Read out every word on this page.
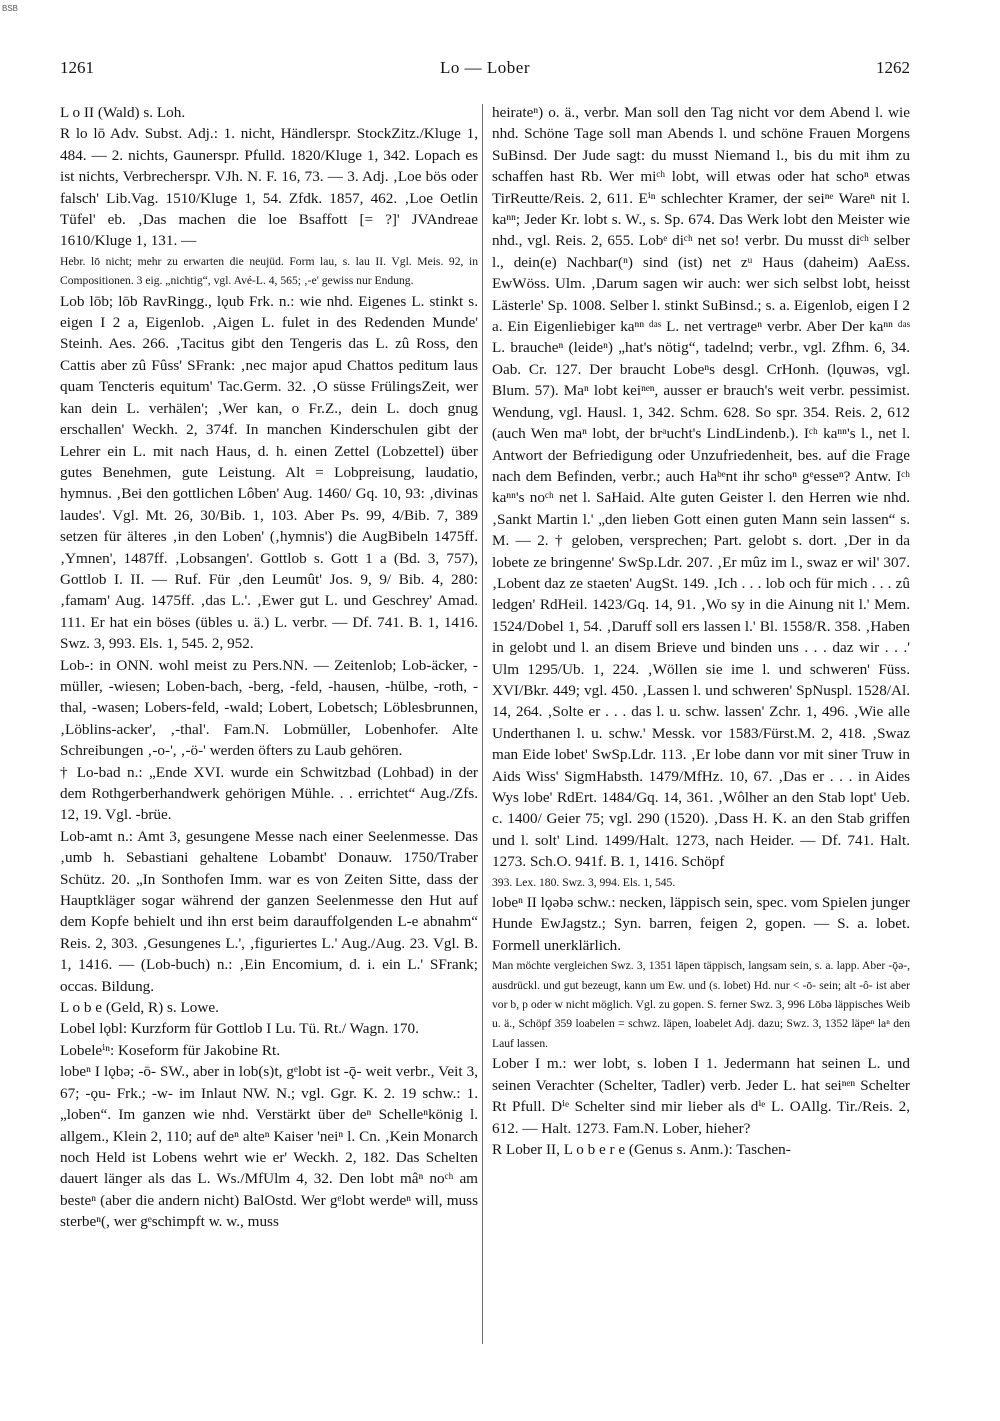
BSB
1261	Lo — Lober	1262

L o II (Wald) s. Loh.

R lo lō Adv. Subst. Adj.: 1. nicht, Händlerspr. StockZitz./Kluge 1, 484. — 2. nichts, Gaunerspr. Pfulld. 1820/Kluge 1, 342. Lopach es ist nichts, Verbrecherspr. VJh. N. F. 16, 73. — 3. Adj. ‚Loe bös oder falsch' Lib.Vag. 1510/Kluge 1, 54. Zfdk. 1857, 462. ‚Loe Oetlin Tüfel' eb. ‚Das machen die loe Bsaffott [= ?]' JVAndreae 1610/Kluge 1, 131. —

Hebr. lō nicht; mehr zu erwarten die neujüd. Form lau, s. lau II. Vgl. Meis. 92, in Compositionen. 3 eig. „nichtig“, vgl. Avé-L. 4, 565; ‚-e' gewiss nur Endung.

Lob lōb; lōb RavRingg., lǫub Frk. n.: wie nhd. Eigenes L. stinkt s. eigen I 2 a, Eigenlob. ‚Aigen L. fulet in des Redenden Munde' Steinh. Aes. 266. ‚Tacitus gibt den Tengeris das L. zû Ross, den Cattis aber zû Fûss' SFrank: ‚nec major apud Chattos peditum laus quam Tencteris equitum' Tac.Germ. 32. ‚O süsse FrülingsZeit, wer kan dein L. verhälen'; ‚Wer kan, o Fr.Z., dein L. doch gnug erschallen' Weckh. 2, 374f. In manchen Kinderschulen gibt der Lehrer ein L. mit nach Haus, d. h. einen Zettel (Lobzettel) über gutes Benehmen, gute Leistung. Alt = Lobpreisung, laudatio, hymnus. ‚Bei den gottlichen Lôben' Aug. 1460/ Gq. 10, 93: ‚divinas laudes'. Vgl. Mt. 26, 30/Bib. 1, 103. Aber Ps. 99, 4/Bib. 7, 389 setzen für älteres ‚in den Loben' (‚hymnis') die AugBibeln 1475ff. ‚Ymnen', 1487ff. ‚Lobsangen'. Gottlob s. Gott 1 a (Bd. 3, 757), Gottlob I. II. — Ruf. Für ‚den Leumût' Jos. 9, 9/ Bib. 4, 280: ‚famam' Aug. 1475ff. ‚das L.'. ‚Ewer gut L. und Geschrey' Amad. 111. Er hat ein böses (übles u. ä.) L. verbr. — Df. 741. B. 1, 1416. Swz. 3, 993. Els. 1, 545. 2, 952.

Lob-: in ONN. wohl meist zu Pers.NN. — Zeitenlob; Lob-äcker, -müller, -wiesen; Loben-bach, -berg, -feld, -hausen, -hülbe, -roth, -thal, -wasen; Lobers-feld, -wald; Lobert, Lobetsch; Löblesbrunnen, ‚Löblins-acker', ‚-thal'. Fam.N. Lobmüller, Lobenhofer. Alte Schreibungen ‚-o-', ‚-ö-' werden öfters zu Laub gehören.

† Lo-bad n.: „Ende XVI. wurde ein Schwitzbad (Lohbad) in der dem Rothgerberhandwerk gehörigen Mühle. . . errichtet“ Aug./Zfs. 12, 19. Vgl. -brüe.

Lob-amt n.: Amt 3, gesungene Messe nach einer Seelenmesse. Das ‚umb h. Sebastiani gehaltene Lobambt' Donauw. 1750/Traber Schütz. 20. „In Sonthofen Imm. war es von Zeiten Sitte, dass der Hauptkläger sogar während der ganzen Seelenmesse den Hut auf dem Kopfe behielt und ihn erst beim darauffolgenden L-e abnahm“ Reis. 2, 303. ‚Gesungenes L.', ‚figuriertes L.' Aug./Aug. 23. Vgl. B. 1, 1416. — (Lob-buch) n.: ‚Ein Encomium, d. i. ein L.' SFrank; occas. Bildung.

L o b e (Geld, R) s. Lowe.

Lobel lǫbl: Kurzform für Gottlob I Lu. Tü. Rt./ Wagn. 170.

Lobeleⁱⁿ: Koseform für Jakobine Rt.

lobeⁿ I lǫbə; -ō- SW., aber in lob(s)t, gᵉlobt ist -ǭ- weit verbr., Veit 3, 67; -ǫu- Frk.; -w- im Inlaut NW. N.; vgl. Ggr. K. 2. 19 schw.: 1. „loben“. Im ganzen wie nhd. Verstärkt über deⁿ Schelleⁿkönig l. allgem., Klein 2, 110; auf deⁿ alteⁿ Kaiser 'neiⁿ l. Cn. ‚Kein Monarch noch Held ist Lobens wehrt wie er' Weckh. 2, 182. Das Schelten dauert länger als das L. Ws./MfUlm 4, 32. Den lobt mâⁿ noᶜʰ am besteⁿ (aber die andern nicht) BalOstd. Wer gᵉlobt werdeⁿ will, muss sterbeⁿ(, wer gᵉschimpft w. w., muss

heirateⁿ) o. ä., verbr. Man soll den Tag nicht vor dem Abend l. wie nhd. Schöne Tage soll man Abends l. und schöne Frauen Morgens SuBinsd. Der Jude sagt: du musst Niemand l., bis du mit ihm zu schaffen hast Rb. Wer miᶜʰ lobt, will etwas oder hat schoⁿ etwas TirReutte/Reis. 2, 611. Eⁱⁿ schlechter Kramer, der seiⁿᵉ Wareⁿ nit l. kaⁿⁿ; Jeder Kr. lobt s. W., s. Sp. 674. Das Werk lobt den Meister wie nhd., vgl. Reis. 2, 655. Lobᵉ diᶜʰ net so! verbr. Du musst diᶜʰ selber l., dein(e) Nachbar(ⁿ) sind (ist) net zᵘ Haus (daheim) AaEss. EwWöss. Ulm. ‚Darum sagen wir auch: wer sich selbst lobt, heisst Lästerle' Sp. 1008. Selber l. stinkt SuBinsd.; s. a. Eigenlob, eigen I 2 a. Ein Eigenliebiger kaⁿⁿ ᵈᵃˢ L. net vertrageⁿ verbr. Aber Der kaⁿⁿ ᵈᵃˢ L. braucheⁿ (leideⁿ) „hat's nötig“, tadelnd; verbr., vgl. Zfhm. 6, 34. Oab. Cr. 127. Der braucht Lobeⁿs desgl. CrHonh. (lǫuwəs, vgl. Blum. 57). Maⁿ lobt keiⁿᵉⁿ, ausser er brauch's weit verbr. pessimist. Wendung, vgl. Hausl. 1, 342. Schm. 628. So spr. 354. Reis. 2, 612 (auch Wen maⁿ lobt, der brᵃucht's LindLindenb.). Iᶜʰ kaⁿⁿ's l., net l. Antwort der Befriedigung oder Unzufriedenheit, bes. auf die Frage nach dem Befinden, verbr.; auch Haᵇᵉnt ihr schoⁿ gᵉesseⁿ? Antw. Iᶜʰ kaⁿⁿ's noᶜʰ net l. SaHaid. Alte guten Geister l. den Herren wie nhd. ‚Sankt Martin l.' „den lieben Gott einen guten Mann sein lassen“ s. M. — 2. † geloben, versprechen; Part. gelobt s. dort. ‚Der in da lobete ze bringenne' SwSp.Ldr. 207. ‚Er mûz im l., swaz er wil' 307. ‚Lobent daz ze staeten' AugSt. 149. ‚Ich . . . lob och für mich . . . zû ledgen' RdHeil. 1423/Gq. 14, 91. ‚Wo sy in die Ainung nit l.' Mem. 1524/Dobel 1, 54. ‚Daruff soll ers lassen l.' Bl. 1558/R. 358. ‚Haben in gelobt und l. an disem Brieve und binden uns . . . daz wir . . .' Ulm 1295/Ub. 1, 224. ‚Wöllen sie ime l. und schweren' Füss. XVI/Bkr. 449; vgl. 450. ‚Lassen l. und schweren' SpNuspl. 1528/Al. 14, 264. ‚Solte er . . . das l. u. schw. lassen' Zchr. 1, 496. ‚Wie alle Underthanen l. u. schw.' Messk. vor 1583/Fürst.M. 2, 418. ‚Swaz man Eide lobet' SwSp.Ldr. 113. ‚Er lobe dann vor mit siner Truw in Aids Wiss' SigmHabsth. 1479/MfHz. 10, 67. ‚Das er . . . in Aides Wys lobe' RdErt. 1484/Gq. 14, 361. ‚Wôlher an den Stab lopt' Ueb. c. 1400/ Geier 75; vgl. 290 (1520). ‚Dass H. K. an den Stab griffen und l. solt' Lind. 1499/Halt. 1273, nach Heider. — Df. 741. Halt. 1273. Sch.O. 941f. B. 1, 1416. Schöpf

393. Lex. 180. Swz. 3, 994. Els. 1, 545.

lobeⁿ II lǫəbə schw.: necken, läppisch sein, spec. vom Spielen junger Hunde EwJagstz.; Syn. barren, feigen 2, gopen. — S. a. lobet. Formell unerklärlich.

Man möchte vergleichen Swz. 3, 1351 lāpen täppisch, langsam sein, s. a. lapp. Aber -ǭə-, ausdrückl. und gut bezeugt, kann um Ew. und (s. lobet) Hd. nur < -ō- sein; alt -ô- ist aber vor b, p oder w nicht möglich. Vgl. zu gopen. S. ferner Swz. 3, 996 Lōbə läppisches Weib u. ä., Schöpf 359 loabelen = schwz. läpen, loabelet Adj. dazu; Swz. 3, 1352 läpeⁿ laⁿ den Lauf lassen.

Lober I m.: wer lobt, s. loben I 1. Jedermann hat seinen L. und seinen Verachter (Schelter, Tadler) verb. Jeder L. hat seiⁿᵉⁿ Schelter Rt Pfull. Dⁱᵉ Schelter sind mir lieber als dⁱᵉ L. OAllg. Tir./Reis. 2, 612. — Halt. 1273. Fam.N. Lober, hieher?

R Lober II, L o b e r e (Genus s. Anm.): Taschen-
